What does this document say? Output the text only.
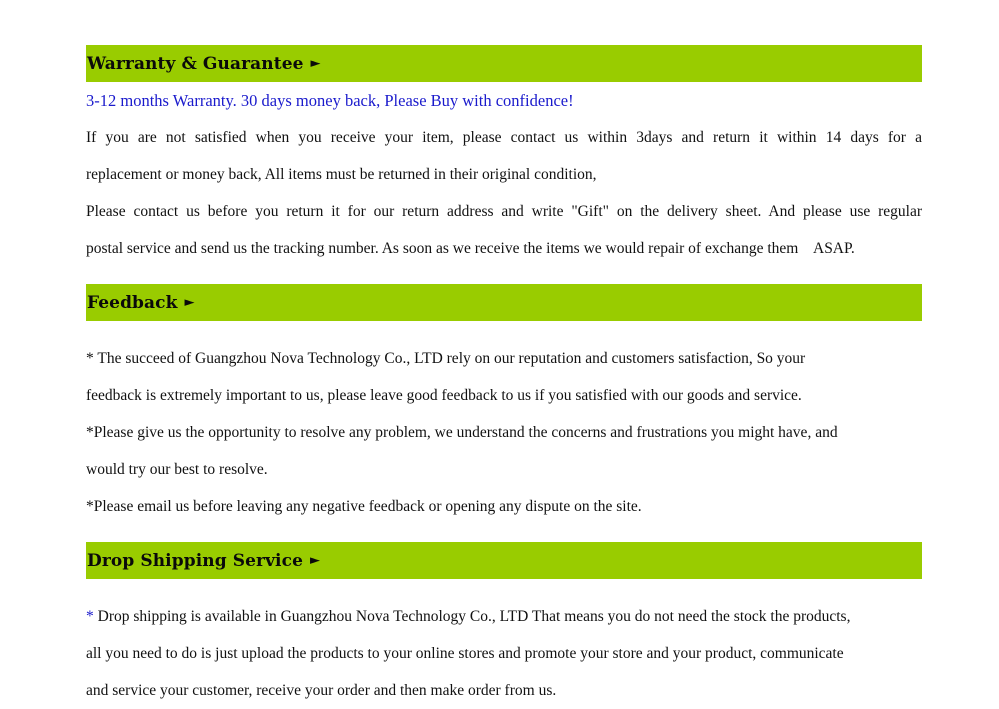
Warranty & Guarantee ►
3-12 months Warranty. 30 days money back, Please Buy with confidence!
If you are not satisfied when you receive your item, please contact us within 3days and return it within 14 days for a
replacement or money back, All items must be returned in their original condition,
Please contact us before you return it for our return address and write "Gift" on the delivery sheet. And please use regular
postal service and send us the tracking number. As soon as we receive the items we would repair of exchange them    ASAP.
Feedback ►
* The succeed of Guangzhou Nova Technology Co., LTD rely on our reputation and customers satisfaction, So your
feedback is extremely important to us, please leave good feedback to us if you satisfied with our goods and service.
*Please give us the opportunity to resolve any problem, we understand the concerns and frustrations you might have, and
would try our best to resolve.
*Please email us before leaving any negative feedback or opening any dispute on the site.
Drop Shipping Service ►
* Drop shipping is available in Guangzhou Nova Technology Co., LTD That means you do not need the stock the products,
all you need to do is just upload the products to your online stores and promote your store and your product, communicate
and service your customer, receive your order and then make order from us.
